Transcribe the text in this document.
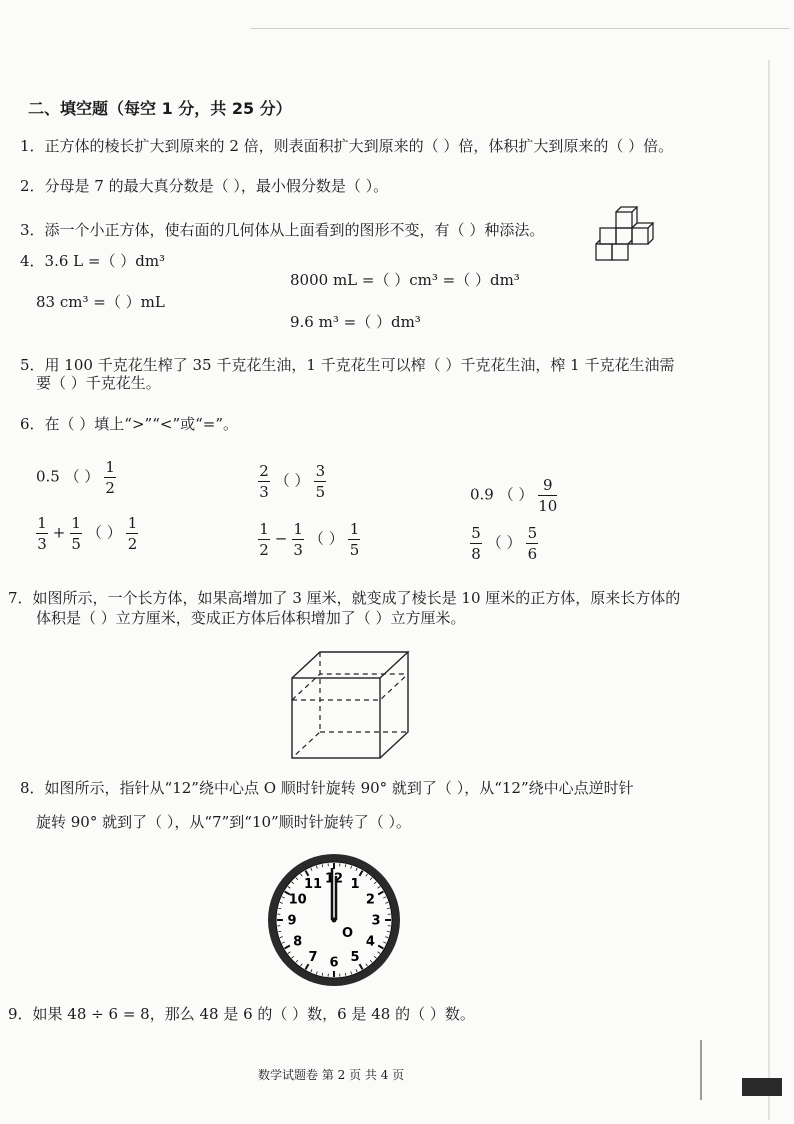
二、填空题（每空 1 分，共 25 分）
1．正方体的棱长扩大到原来的 2 倍，则表面积扩大到原来的（ ）倍，体积扩大到原来的（ ）倍。
2．分母是 7 的最大真分数是（ ），最小假分数是（ ）。
3．添一个小正方体，使右面的几何体从上面看到的图形不变，有（ ）种添法。
4．3.6 L =（ ）dm³
8000 mL =（ ）cm³ =（ ）dm³
83 cm³ =（ ）mL
9.6 m³ =（ ）dm³
5．用 100 千克花生榨了 35 千克花生油，1 千克花生可以榨（ ）千克花生油，榨 1 千克花生油需
要（ ）千克花生。
6．在（ ）填上“>”“<”或“=”。
0.5 （ ） $\frac{1}{2}$	$\frac{2}{3}$ （ ） $\frac{3}{5}$	0.9 （ ） $\frac{9}{10}$
$\frac{1}{3} + \frac{1}{5}$ （ ） $\frac{1}{2}$	$\frac{1}{2} - \frac{1}{3}$ （ ） $\frac{1}{5}$	$\frac{5}{8}$ （ ） $\frac{5}{6}$
7．如图所示，一个长方体，如果高增加了 3 厘米，就变成了棱长是 10 厘米的正方体，原来长方体的
体积是（ ）立方厘米，变成正方体后体积增加了（ ）立方厘米。
8．如图所示，指针从“12”绕中心点 O 顺时针旋转 90° 就到了（ ），从“12”绕中心点逆时针
旋转 90° 就到了（ ），从“7”到“10”顺时针旋转了（ ）。
12 1
2
3
4
5
6
7
8
9
10
11
O
9．如果 48 ÷ 6 = 8，那么 48 是 6 的（ ）数，6 是 48 的（ ）数。
数学试题卷 第 2 页 共 4 页
